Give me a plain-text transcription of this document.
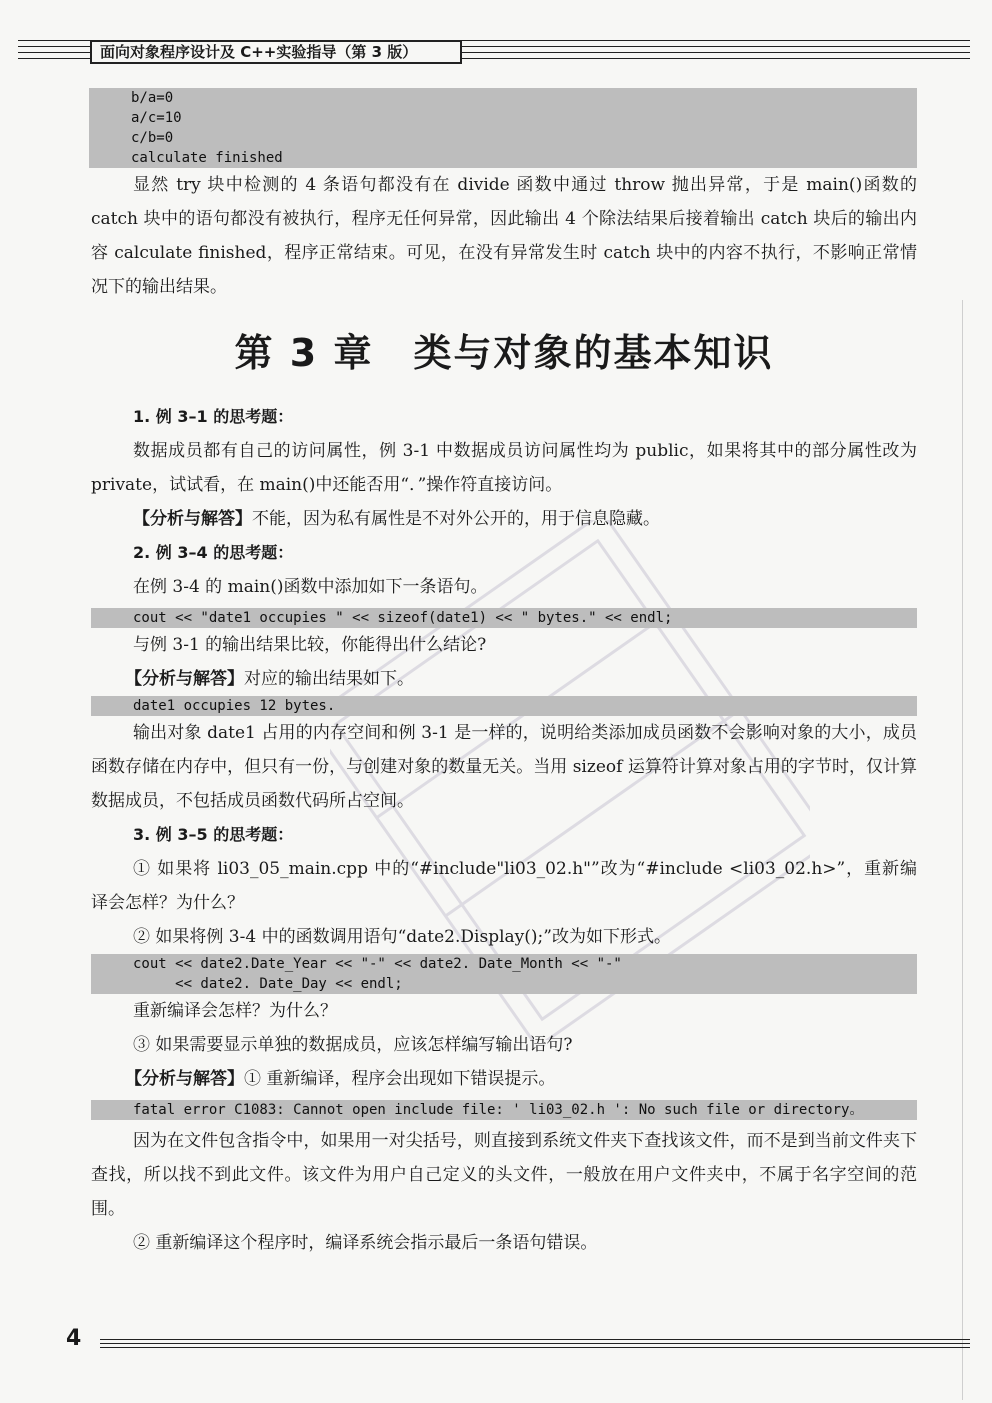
面向对象程序设计及 C++实验指导（第 3 版）
b/a=0
a/c=10
c/b=0
calculate finished

显然 try 块中检测的 4 条语句都没有在 divide 函数中通过 throw 抛出异常，于是 main()函数的 catch 块中的语句都没有被执行，程序无任何异常，因此输出 4 个除法结果后接着输出 catch 块后的输出内容 calculate finished，程序正常结束。可见，在没有异常发生时 catch 块中的内容不执行，不影响正常情况下的输出结果。

第 3 章　类与对象的基本知识
1. 例 3–1 的思考题：

数据成员都有自己的访问属性，例 3-1 中数据成员访问属性均为 public，如果将其中的部分属性改为 private，试试看，在 main()中还能否用“．”操作符直接访问。

【分析与解答】不能，因为私有属性是不对外公开的，用于信息隐藏。

2. 例 3–4 的思考题：

在例 3-4 的 main()函数中添加如下一条语句。

cout << "date1 occupies " << sizeof(date1) << " bytes." << endl;

与例 3-1 的输出结果比较，你能得出什么结论?

【分析与解答】对应的输出结果如下。

date1 occupies 12 bytes.

输出对象 date1 占用的内存空间和例 3-1 是一样的，说明给类添加成员函数不会影响对象的大小，成员函数存储在内存中，但只有一份，与创建对象的数量无关。当用 sizeof 运算符计算对象占用的字节时，仅计算数据成员，不包括成员函数代码所占空间。

3. 例 3–5 的思考题：

① 如果将 li03_05_main.cpp 中的“#include"li03_02.h"”改为“#include <li03_02.h>”，重新编译会怎样？为什么？

② 如果将例 3-4 中的函数调用语句“date2.Display();”改为如下形式。

cout << date2.Date_Year << "-" << date2. Date_Month << "-"
<< date2. Date_Day << endl;

重新编译会怎样？为什么？

③ 如果需要显示单独的数据成员，应该怎样编写输出语句?

【分析与解答】① 重新编译，程序会出现如下错误提示。

fatal error C1083: Cannot open include file: ' li03_02.h ': No such file or directory。

因为在文件包含指令中，如果用一对尖括号，则直接到系统文件夹下查找该文件，而不是到当前文件夹下查找，所以找不到此文件。该文件为用户自己定义的头文件，一般放在用户文件夹中，不属于名字空间的范围。

② 重新编译这个程序时，编译系统会指示最后一条语句错误。

4
